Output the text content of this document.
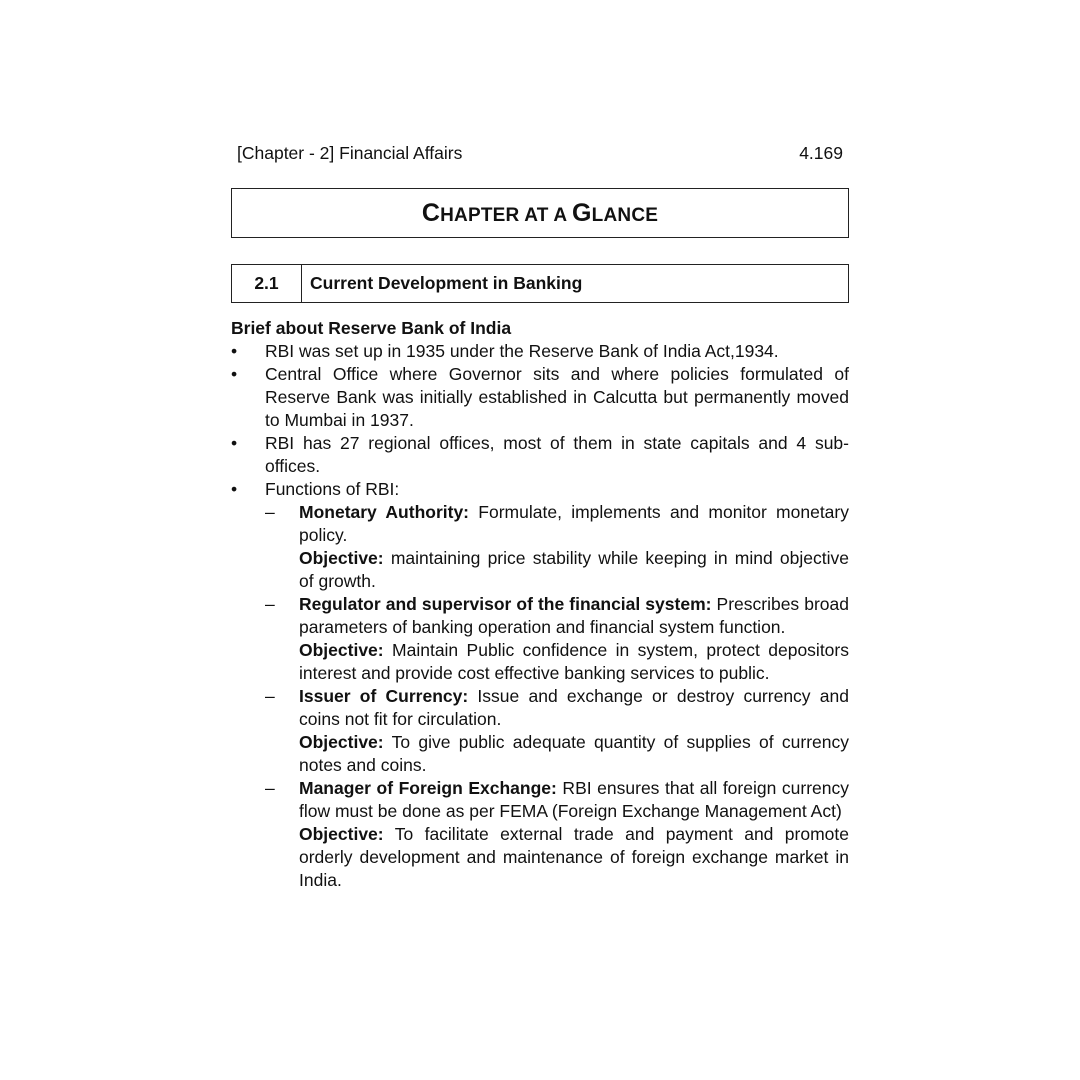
[Chapter - 2] Financial Affairs	4.169
CHAPTER AT A GLANCE
2.1	Current Development in Banking
Brief about Reserve Bank of India
•	RBI was set up in 1935 under the Reserve Bank of India Act,1934.
•	Central Office where Governor sits and where policies formulated of Reserve Bank was initially established in Calcutta but permanently moved to Mumbai in 1937.
•	RBI has 27 regional offices, most of them in state capitals and 4 sub-offices.
•	Functions of RBI:
– Monetary Authority: Formulate, implements and monitor monetary policy.
Objective: maintaining price stability while keeping in mind objective of growth.
– Regulator and supervisor of the financial system: Prescribes broad parameters of banking operation and financial system function.
Objective: Maintain Public confidence in system, protect depositors interest and provide cost effective banking services to public.
– Issuer of Currency: Issue and exchange or destroy currency and coins not fit for circulation.
Objective: To give public adequate quantity of supplies of currency notes and coins.
– Manager of Foreign Exchange: RBI ensures that all foreign currency flow must be done as per FEMA (Foreign Exchange Management Act)
Objective: To facilitate external trade and payment and promote orderly development and maintenance of foreign exchange market in India.
